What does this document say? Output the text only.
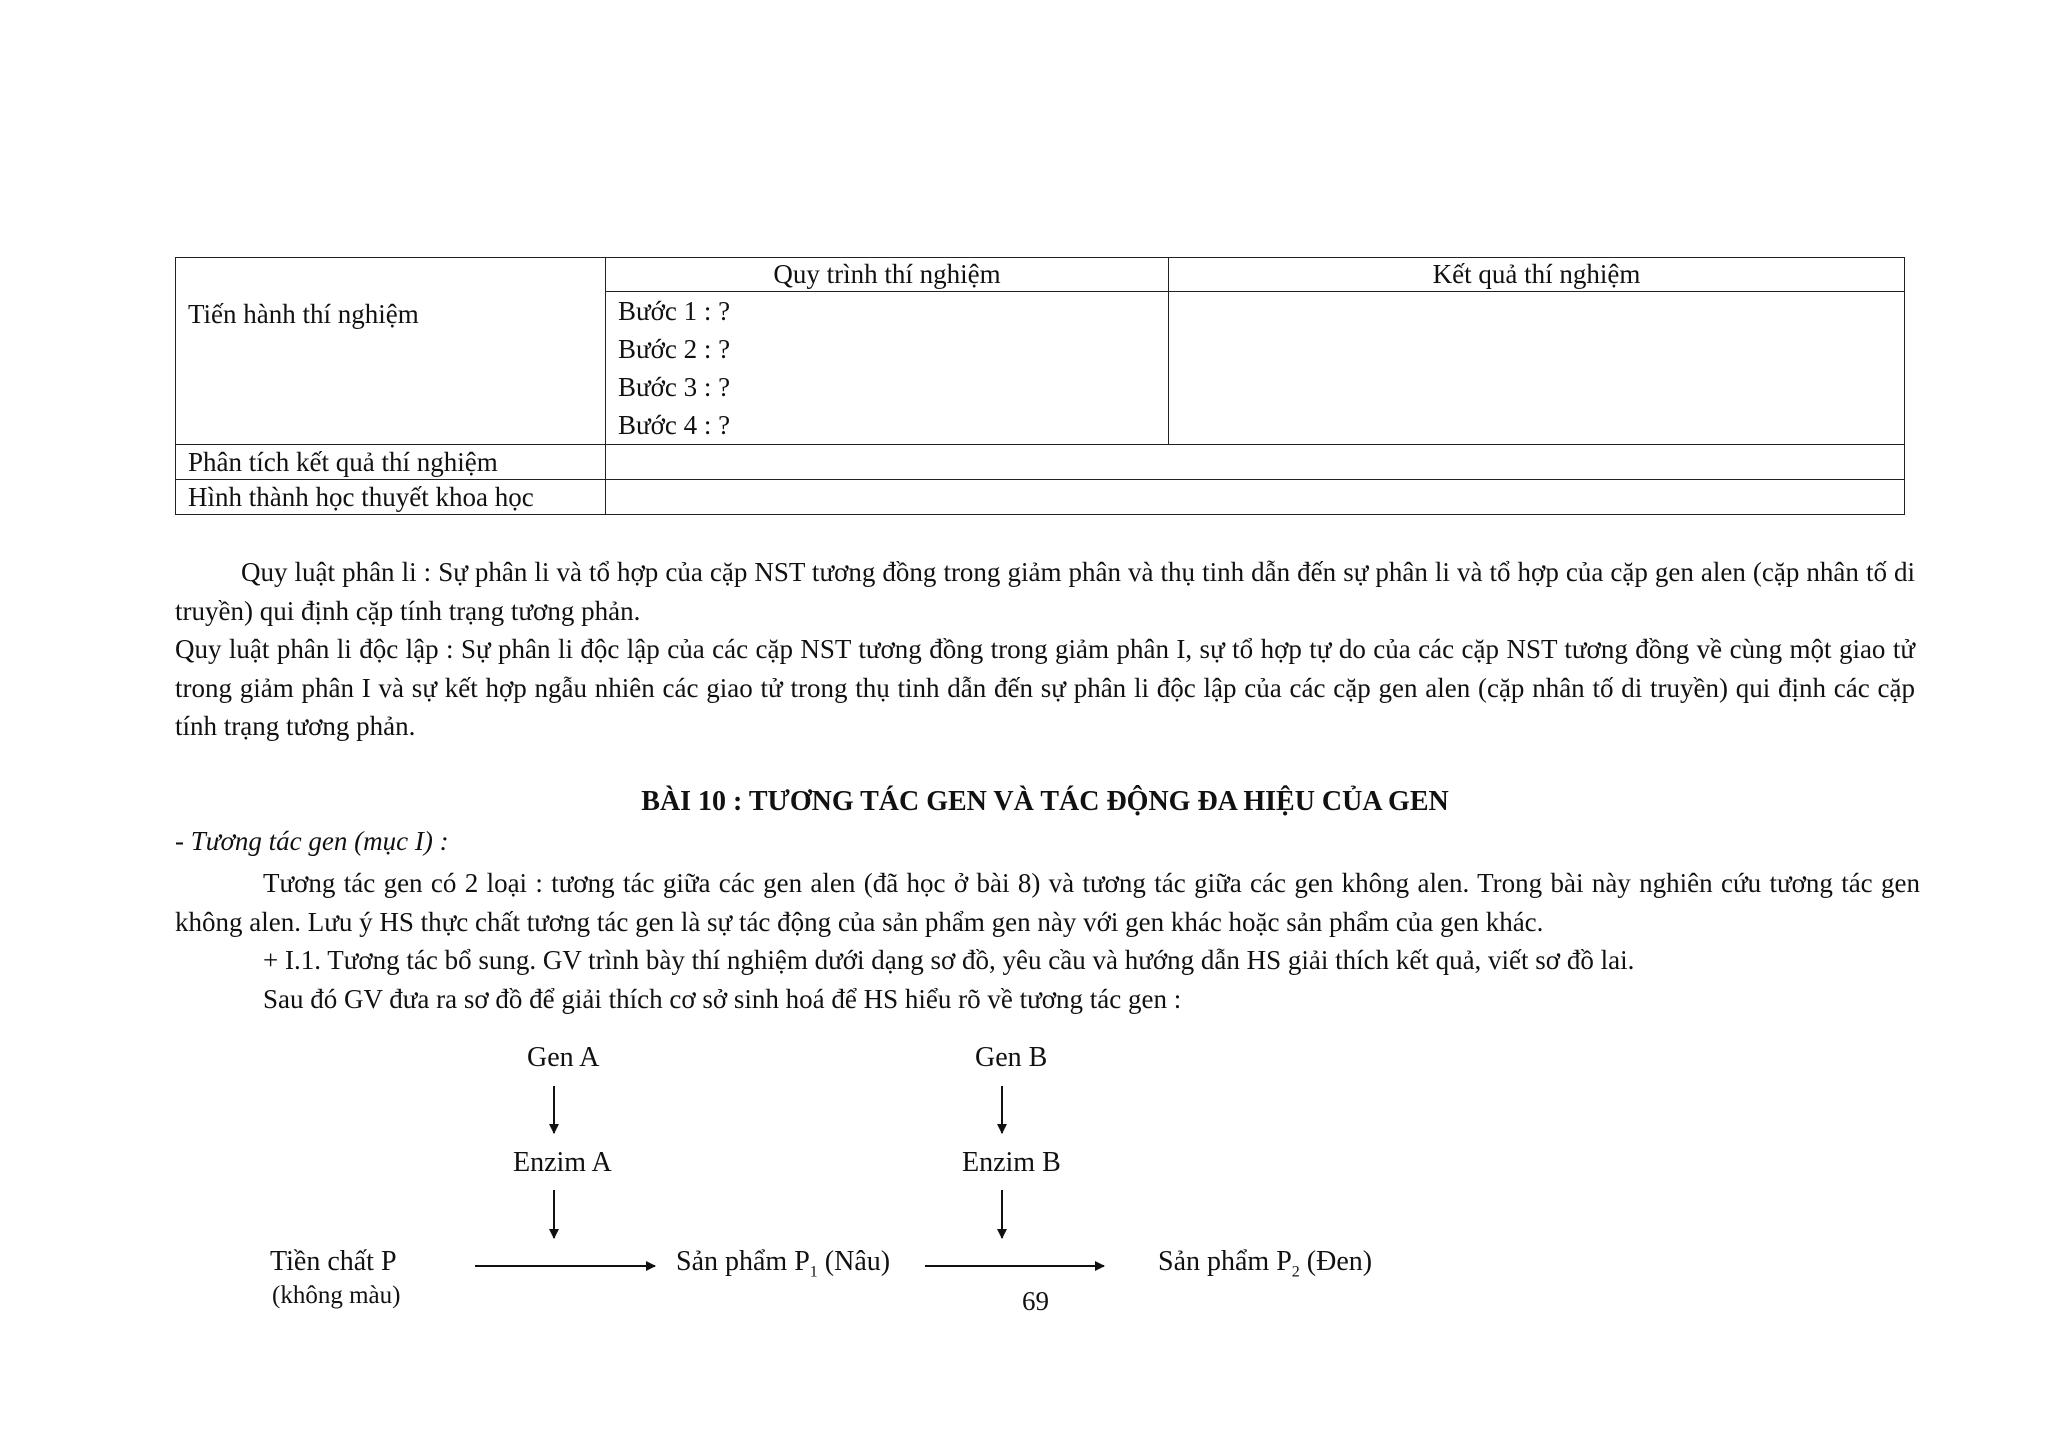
Tiến hành thí nghiệm	Quy trình thí nghiệm	Kết quả thí nghiệm

	Bước 1 : ?
Bước 2 : ?
Bước 3 : ?
Bước 4 : ?	

Phân tích kết quả thí nghiệm		
Hình thành học thuyết khoa học		
Quy luật phân li : Sự phân li và tổ hợp của cặp NST tương đồng trong giảm phân và thụ tinh dẫn đến sự phân li và tổ hợp của cặp gen alen (cặp nhân tố di truyền) qui định cặp tính trạng tương phản.
Quy luật phân li độc lập : Sự phân li độc lập của các cặp NST tương đồng trong giảm phân I, sự tổ hợp tự do của các cặp NST tương đồng về cùng một giao tử trong giảm phân I và sự kết hợp ngẫu nhiên các giao tử trong thụ tinh dẫn đến sự phân li độc lập của các cặp gen alen (cặp nhân tố di truyền) qui định các cặp tính trạng tương phản.
BÀI 10 : TƯƠNG TÁC GEN VÀ TÁC ĐỘNG ĐA HIỆU CỦA GEN
- Tương tác gen (mục I) :
Tương tác gen có 2 loại : tương tác giữa các gen alen (đã học ở bài 8) và tương tác giữa các gen không alen. Trong bài này nghiên cứu tương tác gen không alen. Lưu ý HS thực chất tương tác gen là sự tác động của sản phẩm gen này với gen khác hoặc sản phẩm của gen khác.
+ I.1. Tương tác bổ sung. GV trình bày thí nghiệm dưới dạng sơ đồ, yêu cầu và hướng dẫn HS giải thích kết quả, viết sơ đồ lai.
Sau đó GV đưa ra sơ đồ để giải thích cơ sở sinh hoá để HS hiểu rõ về tương tác gen :
Gen A	Gen B
Enzim A	Enzim B
Tiền chất P
(không màu)
Sản phẩm $P_1$ (Nâu)	Sản phẩm $P_2$ (Đen)
69
